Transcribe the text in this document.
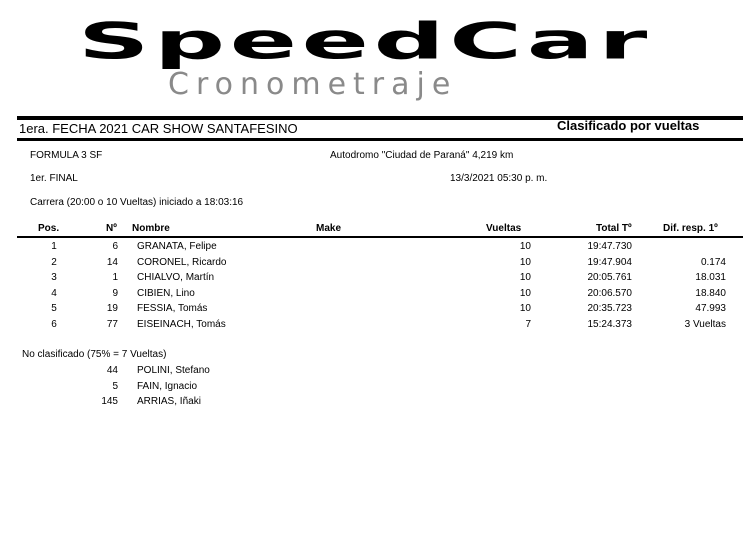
SpeedCar
Cronometraje
1era. FECHA 2021 CAR SHOW SANTAFESINO	Clasificado por vueltas
FORMULA 3 SF	Autodromo "Ciudad de Paraná" 4,219 km
1er. FINAL	13/3/2021 05:30 p. m.
Carrera (20:00 o 10 Vueltas) iniciado a 18:03:16
Pos.	Nº Nombre	Make	Vueltas	Total Tº	Dif. resp. 1º
1	6 GRANATA, Felipe	10	19:47.730
2	14 CORONEL, Ricardo	10	19:47.904	0.174
3	1 CHIALVO, Martín	10	20:05.761	18.031
4	9 CIBIEN, Lino	10	20:06.570	18.840
5	19 FESSIA, Tomás	10	20:35.723	47.993
6	77 EISEINACH, Tomás	7	15:24.373	3 Vueltas
No clasificado (75% = 7 Vueltas)
44 POLINI, Stefano
5 FAIN, Ignacio
145 ARRIAS, Iñaki
